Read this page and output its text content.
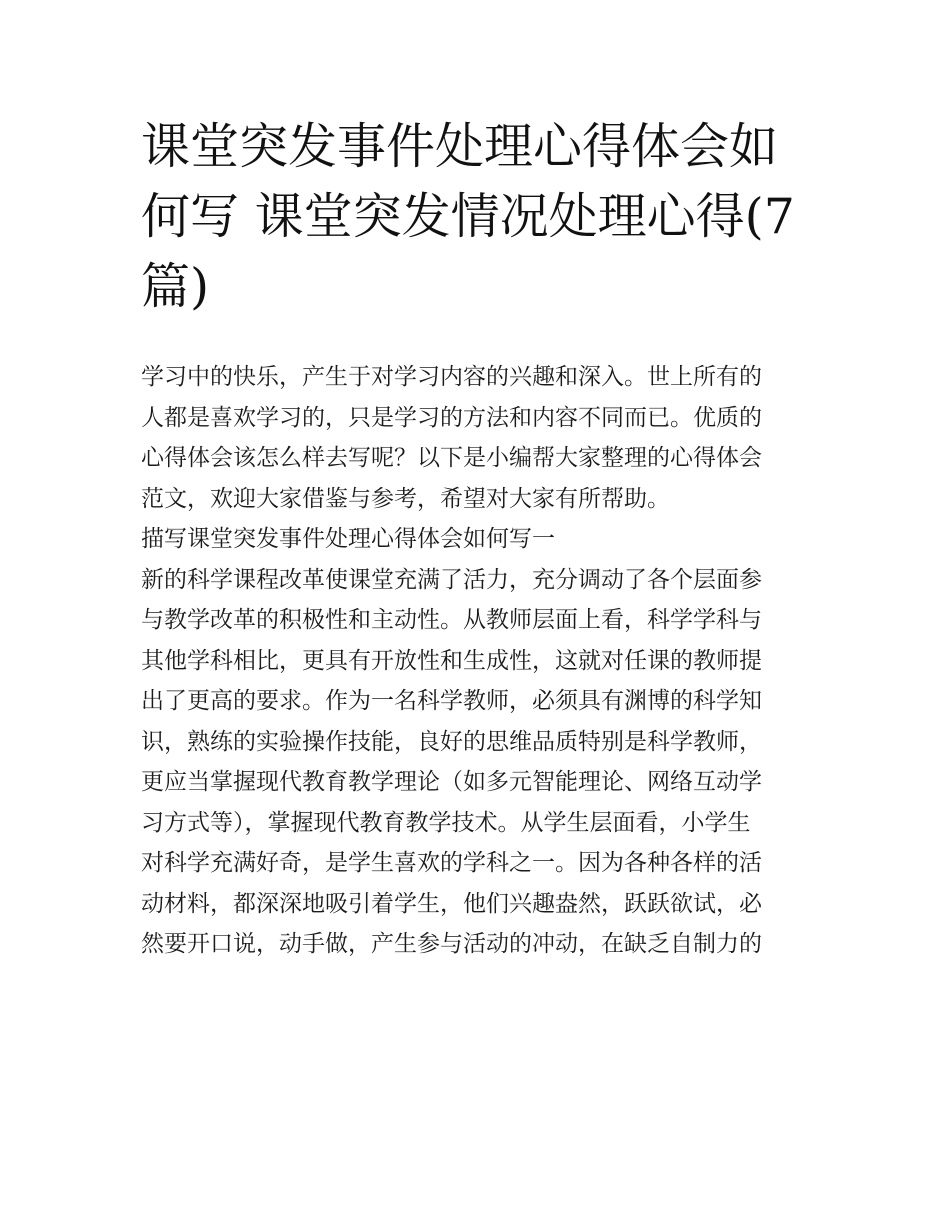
课堂突发事件处理心得体会如
何写 课堂突发情况处理心得(7
篇)
学习中的快乐，产生于对学习内容的兴趣和深入。世上所有的
人都是喜欢学习的，只是学习的方法和内容不同而已。优质的
心得体会该怎么样去写呢？以下是小编帮大家整理的心得体会
范文，欢迎大家借鉴与参考，希望对大家有所帮助。
描写课堂突发事件处理心得体会如何写一
新的科学课程改革使课堂充满了活力，充分调动了各个层面参
与教学改革的积极性和主动性。从教师层面上看，科学学科与
其他学科相比，更具有开放性和生成性，这就对任课的教师提
出了更高的要求。作为一名科学教师，必须具有渊博的科学知
识，熟练的实验操作技能，良好的思维品质特别是科学教师，
更应当掌握现代教育教学理论（如多元智能理论、网络互动学
习方式等），掌握现代教育教学技术。从学生层面看，小学生
对科学充满好奇，是学生喜欢的学科之一。因为各种各样的活
动材料，都深深地吸引着学生，他们兴趣盎然，跃跃欲试，必
然要开口说，动手做，产生参与活动的冲动，在缺乏自制力的
